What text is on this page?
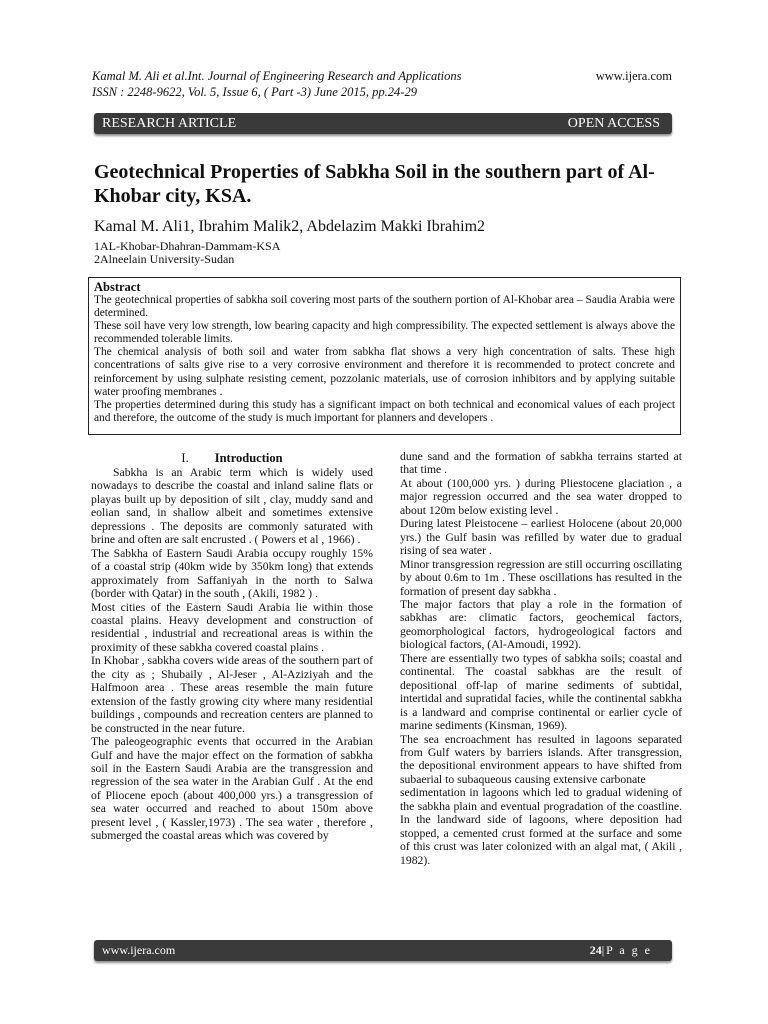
Kamal M. Ali et al.Int. Journal of Engineering Research and Applications
ISSN : 2248-9622, Vol. 5, Issue 6, ( Part -3) June 2015, pp.24-29
www.ijera.com
RESEARCH ARTICLE	OPEN ACCESS
Geotechnical Properties of Sabkha Soil in the southern part of Al-Khobar city, KSA.
Kamal M. Ali1, Ibrahim Malik2, Abdelazim Makki Ibrahim2
1AL-Khobar-Dhahran-Dammam-KSA
2Alneelain University-Sudan
Abstract

The geotechnical properties of sabkha soil covering most parts of the southern portion of Al-Khobar area – Saudia Arabia were determined.

These soil have very low strength, low bearing capacity and high compressibility. The expected settlement is always above the recommended tolerable limits.

The chemical analysis of both soil and water from sabkha flat shows a very high concentration of salts. These high concentrations of salts give rise to a very corrosive environment and therefore it is recommended to protect concrete and reinforcement by using sulphate resisting cement, pozzolanic materials, use of corrosion inhibitors and by applying suitable water proofing membranes .

The properties determined during this study has a significant impact on both technical and economical values of each project and therefore, the outcome of the study is much important for planners and developers .

I. Introduction

Sabkha is an Arabic term which is widely used nowadays to describe the coastal and inland saline flats or playas built up by deposition of silt , clay, muddy sand and eolian sand, in shallow albeit and sometimes extensive depressions . The deposits are commonly saturated with brine and often are salt encrusted . ( Powers et al , 1966) .

The Sabkha of Eastern Saudi Arabia occupy roughly 15% of a coastal strip (40km wide by 350km long) that extends approximately from Saffaniyah in the north to Salwa (border with Qatar) in the south , (Akili, 1982 ) .

Most cities of the Eastern Saudi Arabia lie within those coastal plains. Heavy development and construction of residential , industrial and recreational areas is within the proximity of these sabkha covered coastal plains .

In Khobar , sabkha covers wide areas of the southern part of the city as ; Shubaily , Al-Jeser , Al-Aziziyah and the Halfmoon area . These areas resemble the main future extension of the fastly growing city where many residential buildings , compounds and recreation centers are planned to be constructed in the near future.

The paleogeographic events that occurred in the Arabian Gulf and have the major effect on the formation of sabkha soil in the Eastern Saudi Arabia are the transgression and regression of the sea water in the Arabian Gulf . At the end of Pliocene epoch (about 400,000 yrs.) a transgression of sea water occurred and reached to about 150m above present level , ( Kassler,1973) . The sea water , therefore , submerged the coastal areas which was covered by

dune sand and the formation of sabkha terrains started at that time .

At about (100,000 yrs. ) during Pliestocene glaciation , a major regression occurred and the sea water dropped to about 120m below existing level .

During latest Pleistocene – earliest Holocene (about 20,000 yrs.) the Gulf basin was refilled by water due to gradual rising of sea water .

Minor transgression regression are still occurring oscillating by about 0.6m to 1m . These oscillations has resulted in the formation of present day sabkha .

The major factors that play a role in the formation of sabkhas are: climatic factors, geochemical factors, geomorphological factors, hydrogeological factors and biological factors, (Al-Amoudi, 1992).

There are essentially two types of sabkha soils; coastal and continental. The coastal sabkhas are the result of depositional off-lap of marine sediments of subtidal, intertidal and supratidal facies, while the continental sabkha is a landward and comprise continental or earlier cycle of marine sediments (Kinsman, 1969).

The sea encroachment has resulted in lagoons separated from Gulf waters by barriers islands. After transgression, the depositional environment appears to have shifted from subaerial to subaqueous causing extensive carbonate

sedimentation in lagoons which led to gradual widening of the sabkha plain and eventual progradation of the coastline. In the landward side of lagoons, where deposition had stopped, a cemented crust formed at the surface and some of this crust was later colonized with an algal mat, ( Akili , 1982).

www.ijera.com	24|P a g e
